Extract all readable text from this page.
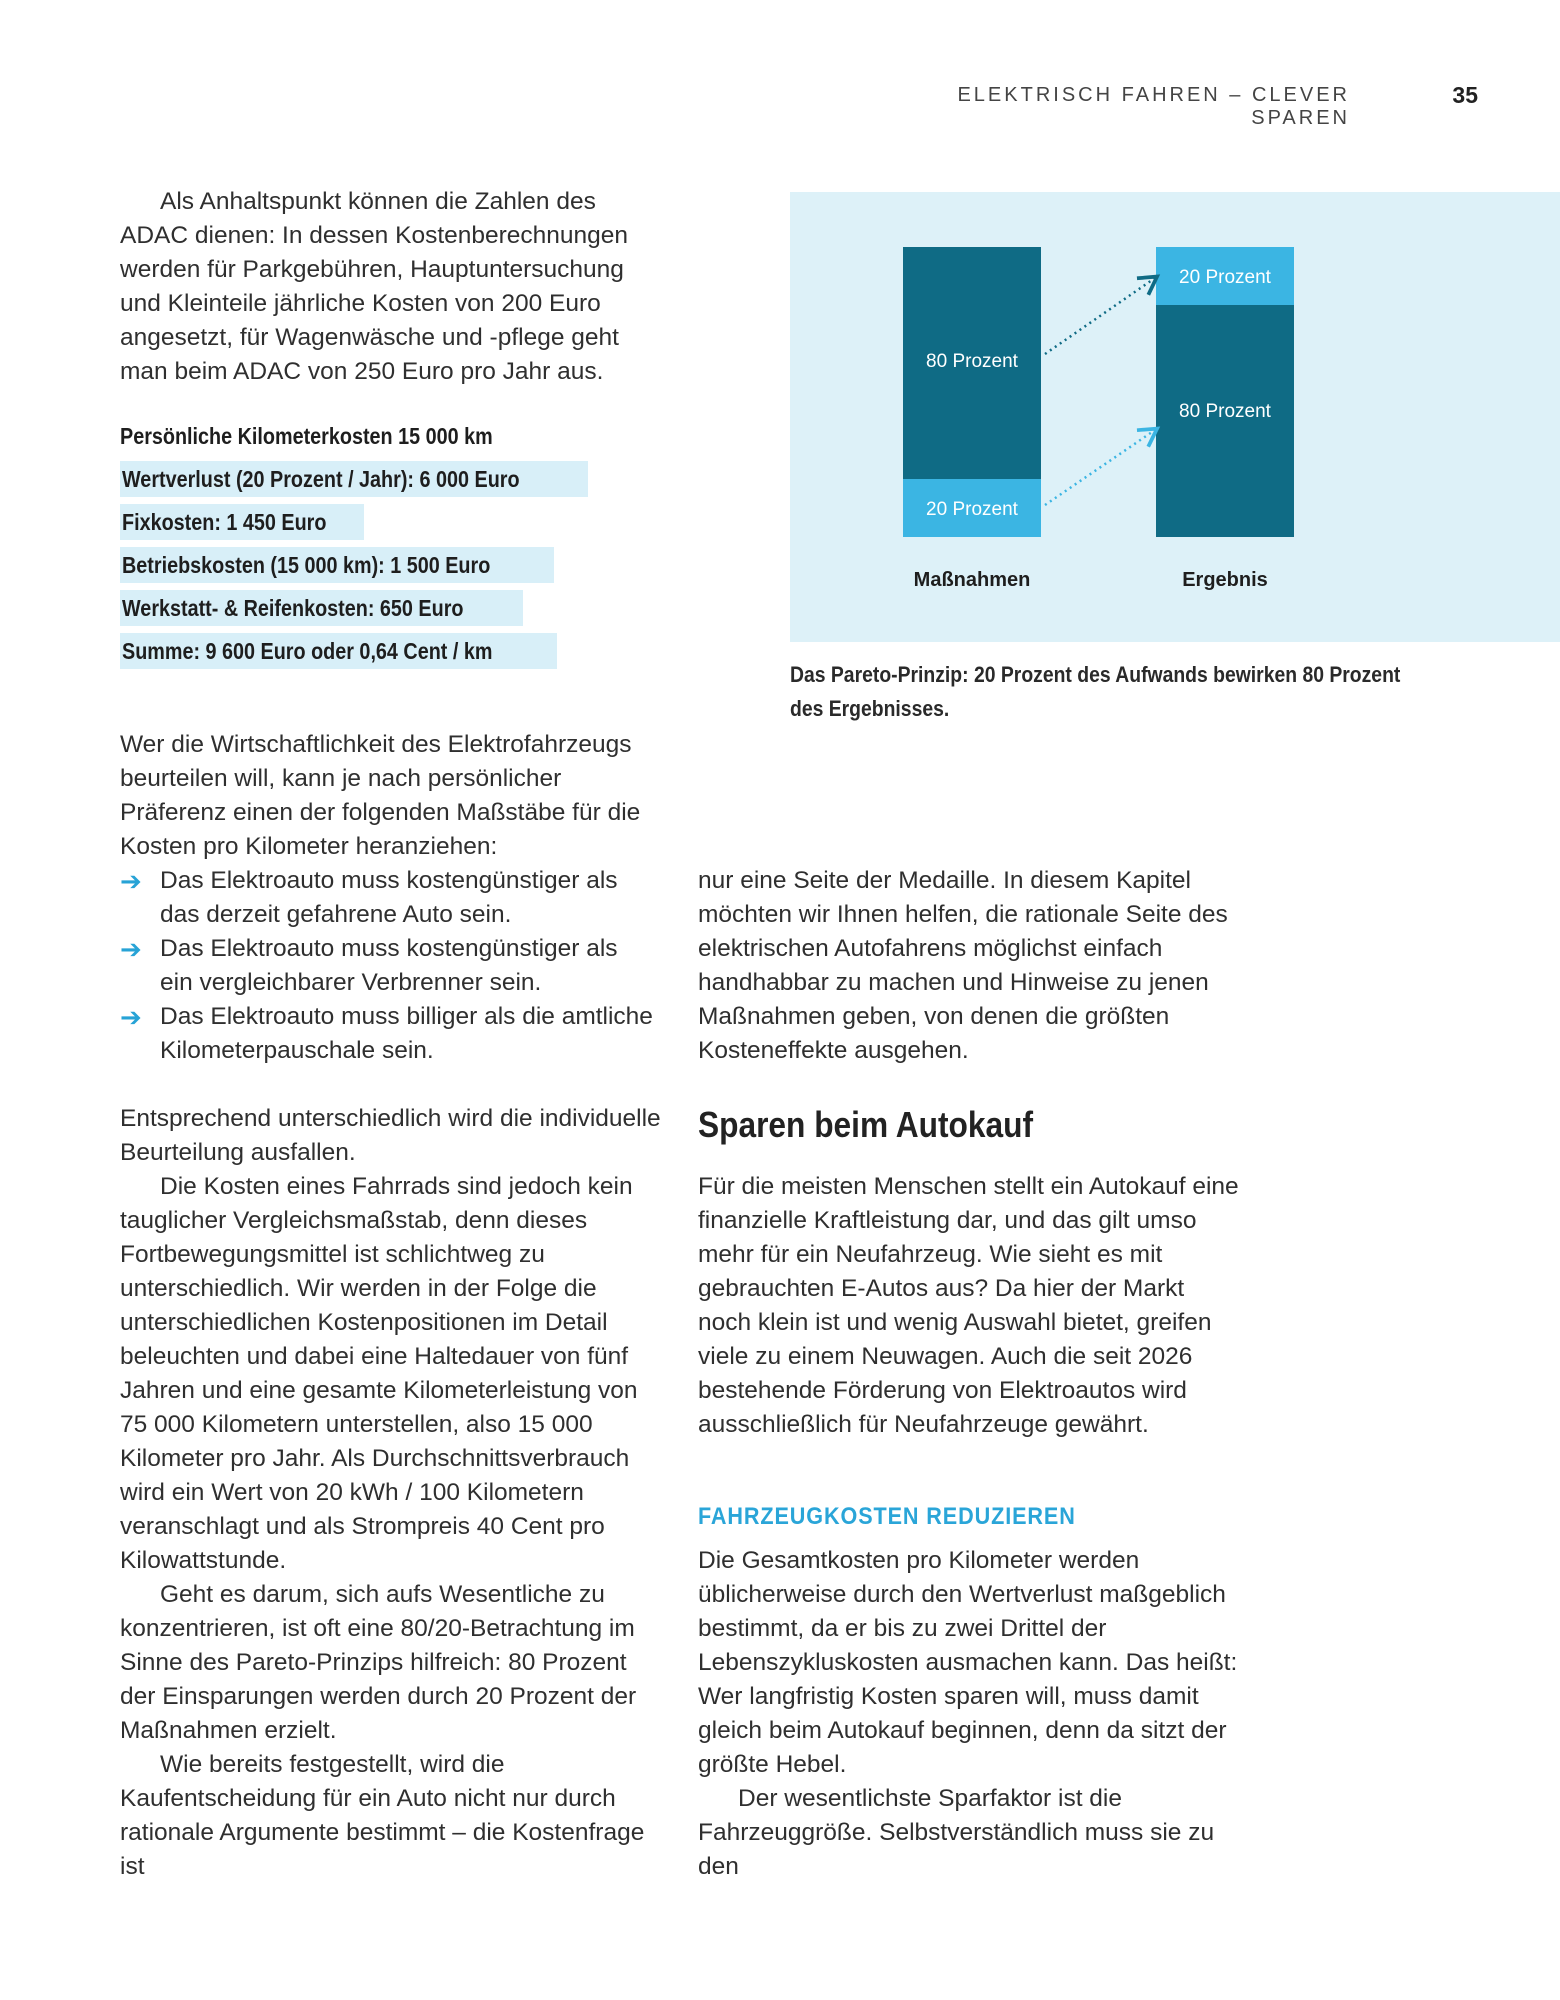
ELEKTRISCH FAHREN – CLEVER SPAREN
35

Als Anhaltspunkt können die Zahlen des ADAC dienen: In dessen Kostenberechnungen werden für Parkgebühren, Hauptuntersuchung und Kleinteile jährliche Kosten von 200 Euro angesetzt, für Wagenwäsche und -pflege geht man beim ADAC von 250 Euro pro Jahr aus.

Persönliche Kilometerkosten 15 000 km
Wertverlust (20 Prozent / Jahr): 6 000 Euro
Fixkosten: 1 450 Euro
Betriebskosten (15 000 km): 1 500 Euro
Werkstatt- & Reifenkosten: 650 Euro
Summe: 9 600 Euro oder 0,64 Cent / km

Wer die Wirtschaftlichkeit des Elektrofahrzeugs beurteilen will, kann je nach persönlicher Präferenz einen der folgenden Maßstäbe für die Kosten pro Kilometer heranziehen:

➔ Das Elektroauto muss kostengünstiger als das derzeit gefahrene Auto sein.
➔ Das Elektroauto muss kostengünstiger als ein vergleichbarer Verbrenner sein.
➔ Das Elektroauto muss billiger als die amtliche Kilometerpauschale sein.

Entsprechend unterschiedlich wird die individuelle Beurteilung ausfallen.

Die Kosten eines Fahrrads sind jedoch kein tauglicher Vergleichsmaßstab, denn dieses Fortbewegungsmittel ist schlichtweg zu unterschiedlich. Wir werden in der Folge die unterschiedlichen Kostenpositionen im Detail beleuchten und dabei eine Haltedauer von fünf Jahren und eine gesamte Kilometerleistung von 75 000 Kilometern unterstellen, also 15 000 Kilometer pro Jahr. Als Durchschnittsverbrauch wird ein Wert von 20 kWh / 100 Kilometern veranschlagt und als Strompreis 40 Cent pro Kilowattstunde.

Geht es darum, sich aufs Wesentliche zu konzentrieren, ist oft eine 80/20-Betrachtung im Sinne des Pareto-Prinzips hilfreich: 80 Prozent der Einsparungen werden durch 20 Prozent der Maßnahmen erzielt.

Wie bereits festgestellt, wird die Kaufentscheidung für ein Auto nicht nur durch rationale Argumente bestimmt – die Kostenfrage ist

nur eine Seite der Medaille. In diesem Kapitel möchten wir Ihnen helfen, die rationale Seite des elektrischen Autofahrens möglichst einfach handhabbar zu machen und Hinweise zu jenen Maßnahmen geben, von denen die größten Kosteneffekte ausgehen.

Sparen beim Autokauf

Für die meisten Menschen stellt ein Autokauf eine finanzielle Kraftleistung dar, und das gilt umso mehr für ein Neufahrzeug. Wie sieht es mit gebrauchten E-Autos aus? Da hier der Markt noch klein ist und wenig Auswahl bietet, greifen viele zu einem Neuwagen. Auch die seit 2026 bestehende Förderung von Elektroautos wird ausschließlich für Neufahrzeuge gewährt.

FAHRZEUGKOSTEN REDUZIEREN

Die Gesamtkosten pro Kilometer werden üblicherweise durch den Wertverlust maßgeblich bestimmt, da er bis zu zwei Drittel der Lebenszykluskosten ausmachen kann. Das heißt: Wer langfristig Kosten sparen will, muss damit gleich beim Autokauf beginnen, denn da sitzt der größte Hebel.

Der wesentlichste Sparfaktor ist die Fahrzeuggröße. Selbstverständlich muss sie zu den

20 Prozent
80 Prozent
80 Prozent
20 Prozent
Maßnahmen	Ergebnis
Das Pareto-Prinzip: 20 Prozent des Aufwands bewirken 80 Prozent
des Ergebnisses.
